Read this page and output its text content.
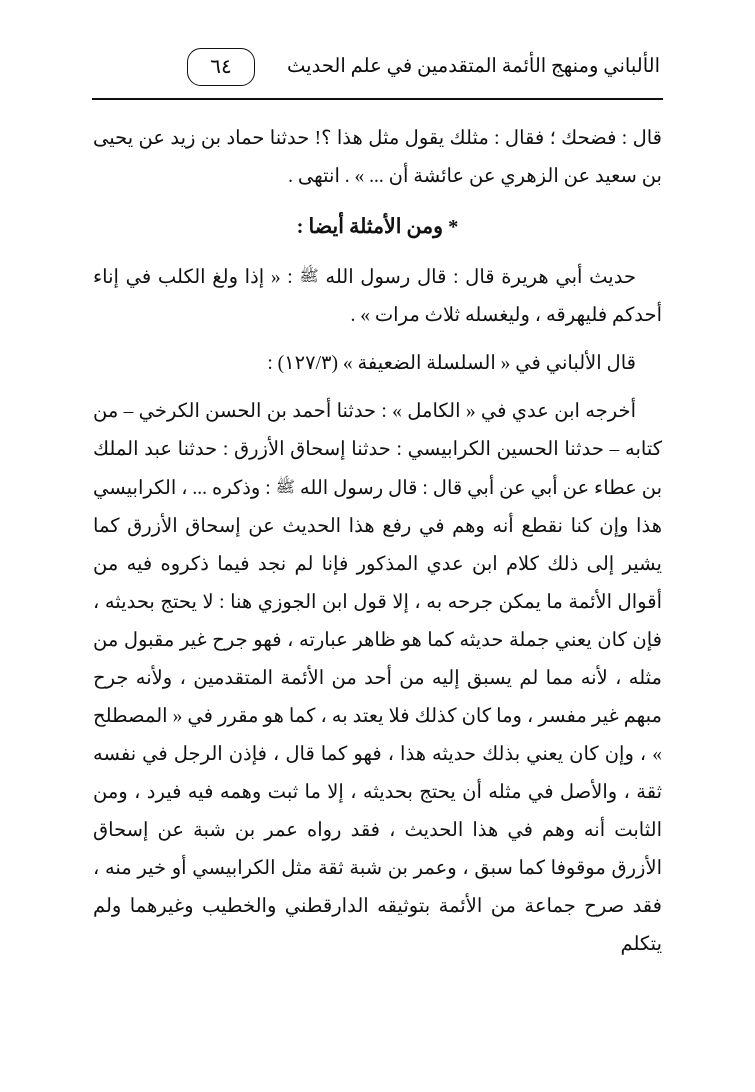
الألباني ومنهج الأئمة المتقدمين في علم الحديث
٦٤

قال : فضحك ؛ فقال : مثلك يقول مثل هذا ؟! حدثنا حماد بن زيد عن يحيى بن سعيد عن الزهري عن عائشة أن ... » . انتهى .

* ومن الأمثلة أيضا :

حديث أبي هريرة قال : قال رسول الله ﷺ : « إذا ولغ الكلب في إناء أحدكم فليهرقه ، وليغسله ثلاث مرات » .

قال الألباني في « السلسلة الضعيفة » (١٢٧/٣) :

أخرجه ابن عدي في « الكامل » : حدثنا أحمد بن الحسن الكرخي – من كتابه – حدثنا الحسين الكرابيسي : حدثنا إسحاق الأزرق : حدثنا عبد الملك بن عطاء عن أبي عن أبي قال : قال رسول الله ﷺ : وذكره ... ، الكرابيسي هذا وإن كنا نقطع أنه وهم في رفع هذا الحديث عن إسحاق الأزرق كما يشير إلى ذلك كلام ابن عدي المذكور فإنا لم نجد فيما ذكروه فيه من أقوال الأئمة ما يمكن جرحه به ، إلا قول ابن الجوزي هنا : لا يحتج بحديثه ، فإن كان يعني جملة حديثه كما هو ظاهر عبارته ، فهو جرح غير مقبول من مثله ، لأنه مما لم يسبق إليه من أحد من الأئمة المتقدمين ، ولأنه جرح مبهم غير مفسر ، وما كان كذلك فلا يعتد به ، كما هو مقرر في « المصطلح » ، وإن كان يعني بذلك حديثه هذا ، فهو كما قال ، فإذن الرجل في نفسه ثقة ، والأصل في مثله أن يحتج بحديثه ، إلا ما ثبت وهمه فيه فيرد ، ومن الثابت أنه وهم في هذا الحديث ، فقد رواه عمر بن شبة عن إسحاق الأزرق موقوفا كما سبق ، وعمر بن شبة ثقة مثل الكرابيسي أو خير منه ، فقد صرح جماعة من الأئمة بتوثيقه الدارقطني والخطيب وغيرهما ولم يتكلم
